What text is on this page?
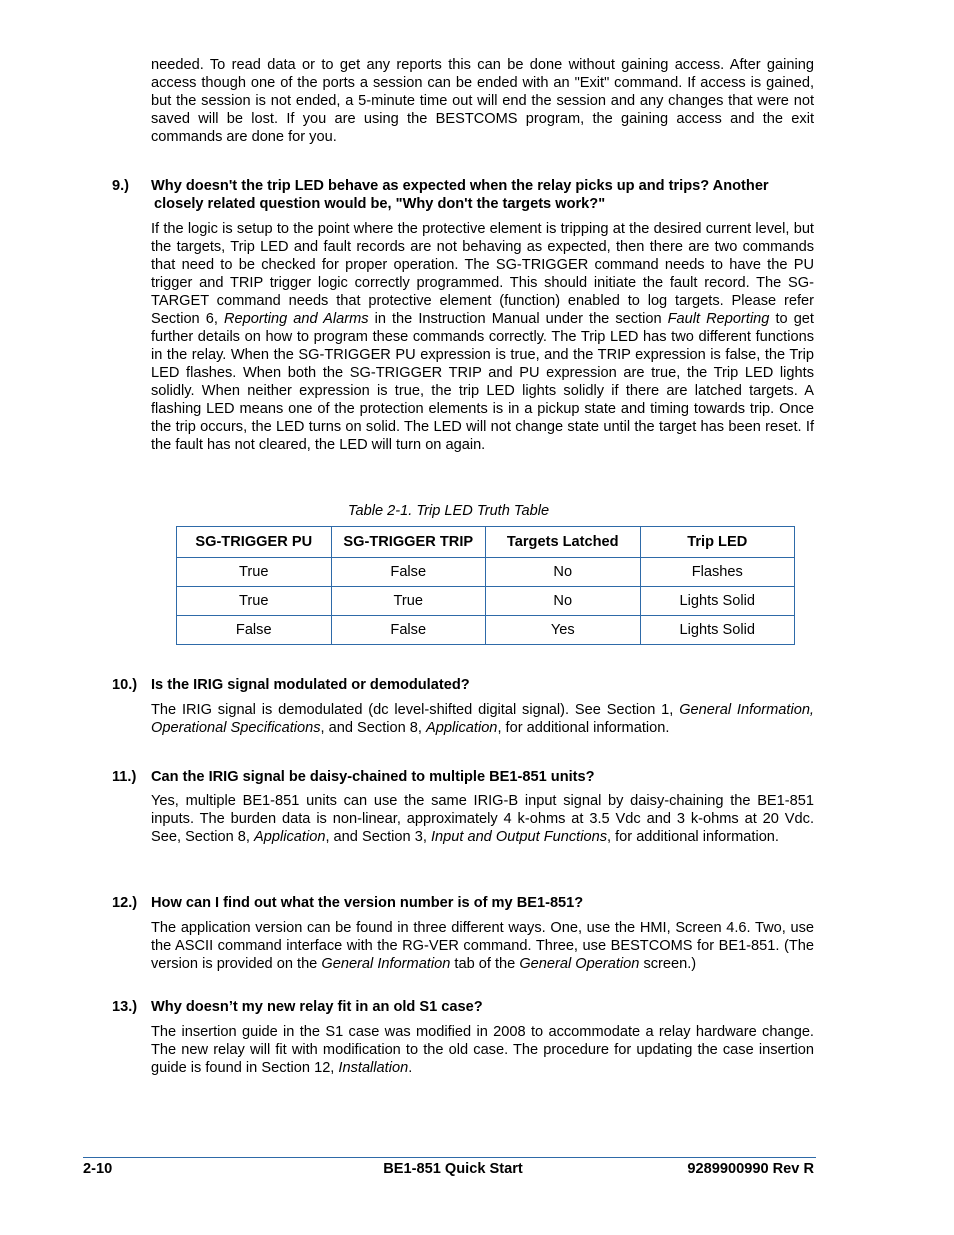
needed. To read data or to get any reports this can be done without gaining access. After gaining access though one of the ports a session can be ended with an "Exit" command. If access is gained, but the session is not ended, a 5-minute time out will end the session and any changes that were not saved will be lost. If you are using the BESTCOMS program, the gaining access and the exit commands are done for you.

9.) Why doesn't the trip LED behave as expected when the relay picks up and trips? Another
closely related question would be, "Why don't the targets work?"

If the logic is setup to the point where the protective element is tripping at the desired current level, but the targets, Trip LED and fault records are not behaving as expected, then there are two commands that need to be checked for proper operation. The SG-TRIGGER command needs to have the PU trigger and TRIP trigger logic correctly programmed. This should initiate the fault record. The SG-TARGET command needs that protective element (function) enabled to log targets. Please refer Section 6, Reporting and Alarms in the Instruction Manual under the section Fault Reporting to get further details on how to program these commands correctly. The Trip LED has two different functions in the relay. When the SG-TRIGGER PU expression is true, and the TRIP expression is false, the Trip LED flashes. When both the SG-TRIGGER TRIP and PU expression are true, the Trip LED lights solidly. When neither expression is true, the trip LED lights solidly if there are latched targets. A flashing LED means one of the protection elements is in a pickup state and timing towards trip. Once the trip occurs, the LED turns on solid. The LED will not change state until the target has been reset. If the fault has not cleared, the LED will turn on again.

Table 2-1. Trip LED Truth Table
SG-TRIGGER PU	SG-TRIGGER TRIP	Targets Latched	Trip LED
True	False	No	Flashes
True	True	No	Lights Solid
False	False	Yes	Lights Solid
10.) Is the IRIG signal modulated or demodulated?

The IRIG signal is demodulated (dc level-shifted digital signal). See Section 1, General Information, Operational Specifications, and Section 8, Application, for additional information.

11.) Can the IRIG signal be daisy-chained to multiple BE1-851 units?

Yes, multiple BE1-851 units can use the same IRIG-B input signal by daisy-chaining the BE1-851 inputs. The burden data is non-linear, approximately 4 k-ohms at 3.5 Vdc and 3 k-ohms at 20 Vdc. See, Section 8, Application, and Section 3, Input and Output Functions, for additional information.

12.) How can I find out what the version number is of my BE1-851?

The application version can be found in three different ways. One, use the HMI, Screen 4.6. Two, use the ASCII command interface with the RG-VER command. Three, use BESTCOMS for BE1-851. (The version is provided on the General Information tab of the General Operation screen.)

13.) Why doesn’t my new relay fit in an old S1 case?

The insertion guide in the S1 case was modified in 2008 to accommodate a relay hardware change. The new relay will fit with modification to the old case. The procedure for updating the case insertion guide is found in Section 12, Installation.

2-10	BE1-851 Quick Start	9289900990 Rev R
